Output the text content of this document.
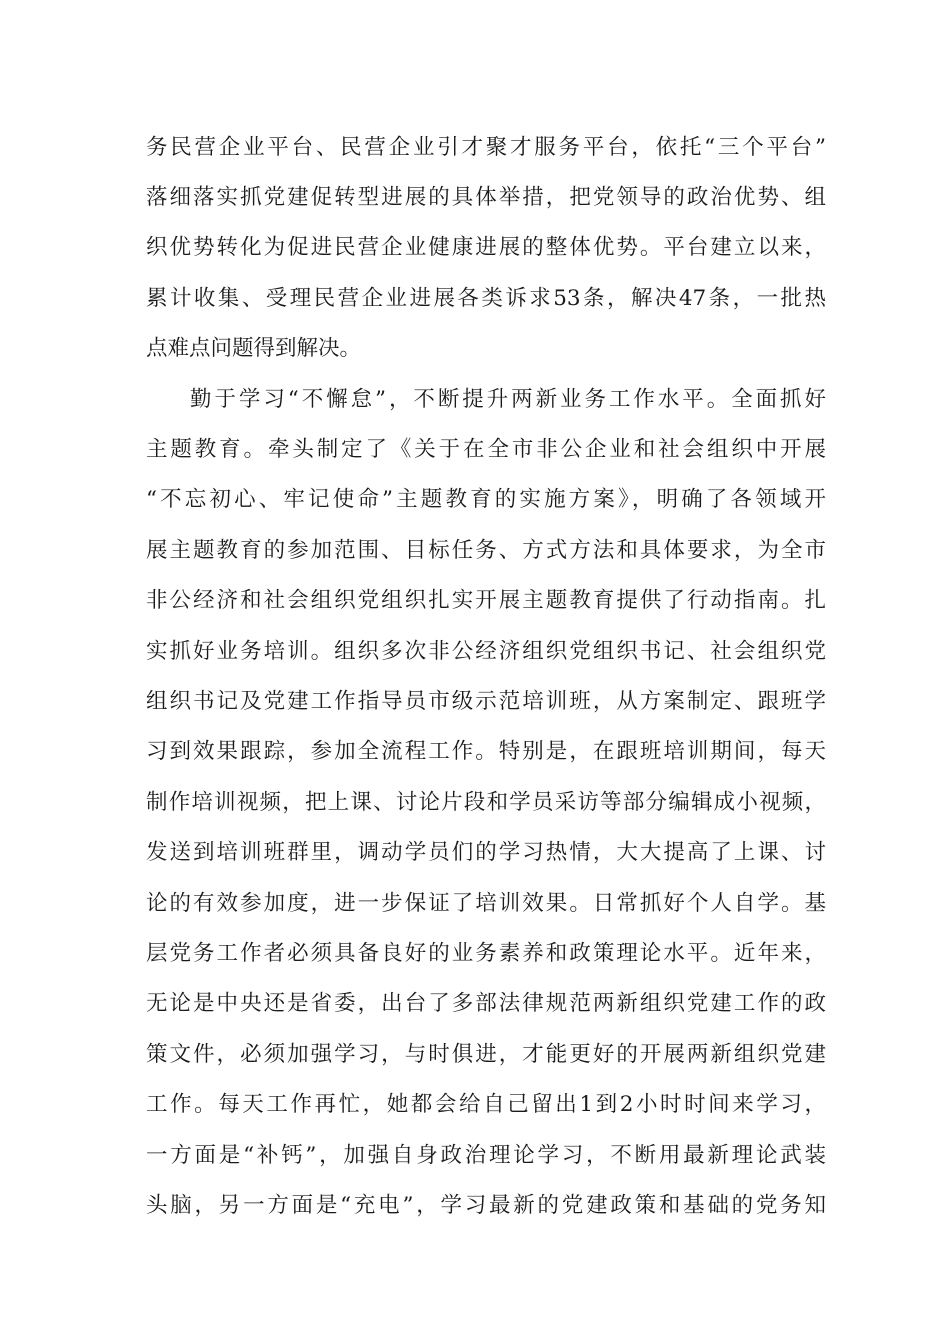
务民营企业平台、民营企业引才聚才服务平台，依托“三个平台”
落细落实抓党建促转型进展的具体举措，把党领导的政治优势、组
织优势转化为促进民营企业健康进展的整体优势。平台建立以来，
累计收集、受理民营企业进展各类诉求53条，解决47条，一批热
点难点问题得到解决。
勤于学习“不懈怠”，不断提升两新业务工作水平。全面抓好
主题教育。牵头制定了《关于在全市非公企业和社会组织中开展
“不忘初心、牢记使命”主题教育的实施方案》，明确了各领域开
展主题教育的参加范围、目标任务、方式方法和具体要求，为全市
非公经济和社会组织党组织扎实开展主题教育提供了行动指南。扎
实抓好业务培训。组织多次非公经济组织党组织书记、社会组织党
组织书记及党建工作指导员市级示范培训班，从方案制定、跟班学
习到效果跟踪，参加全流程工作。特别是，在跟班培训期间，每天
制作培训视频，把上课、讨论片段和学员采访等部分编辑成小视频，
发送到培训班群里，调动学员们的学习热情，大大提高了上课、讨
论的有效参加度，进一步保证了培训效果。日常抓好个人自学。基
层党务工作者必须具备良好的业务素养和政策理论水平。近年来，
无论是中央还是省委，出台了多部法律规范两新组织党建工作的政
策文件，必须加强学习，与时俱进，才能更好的开展两新组织党建
工作。每天工作再忙，她都会给自己留出1到2小时时间来学习，
一方面是“补钙”，加强自身政治理论学习，不断用最新理论武装
头脑，另一方面是“充电”，学习最新的党建政策和基础的党务知
